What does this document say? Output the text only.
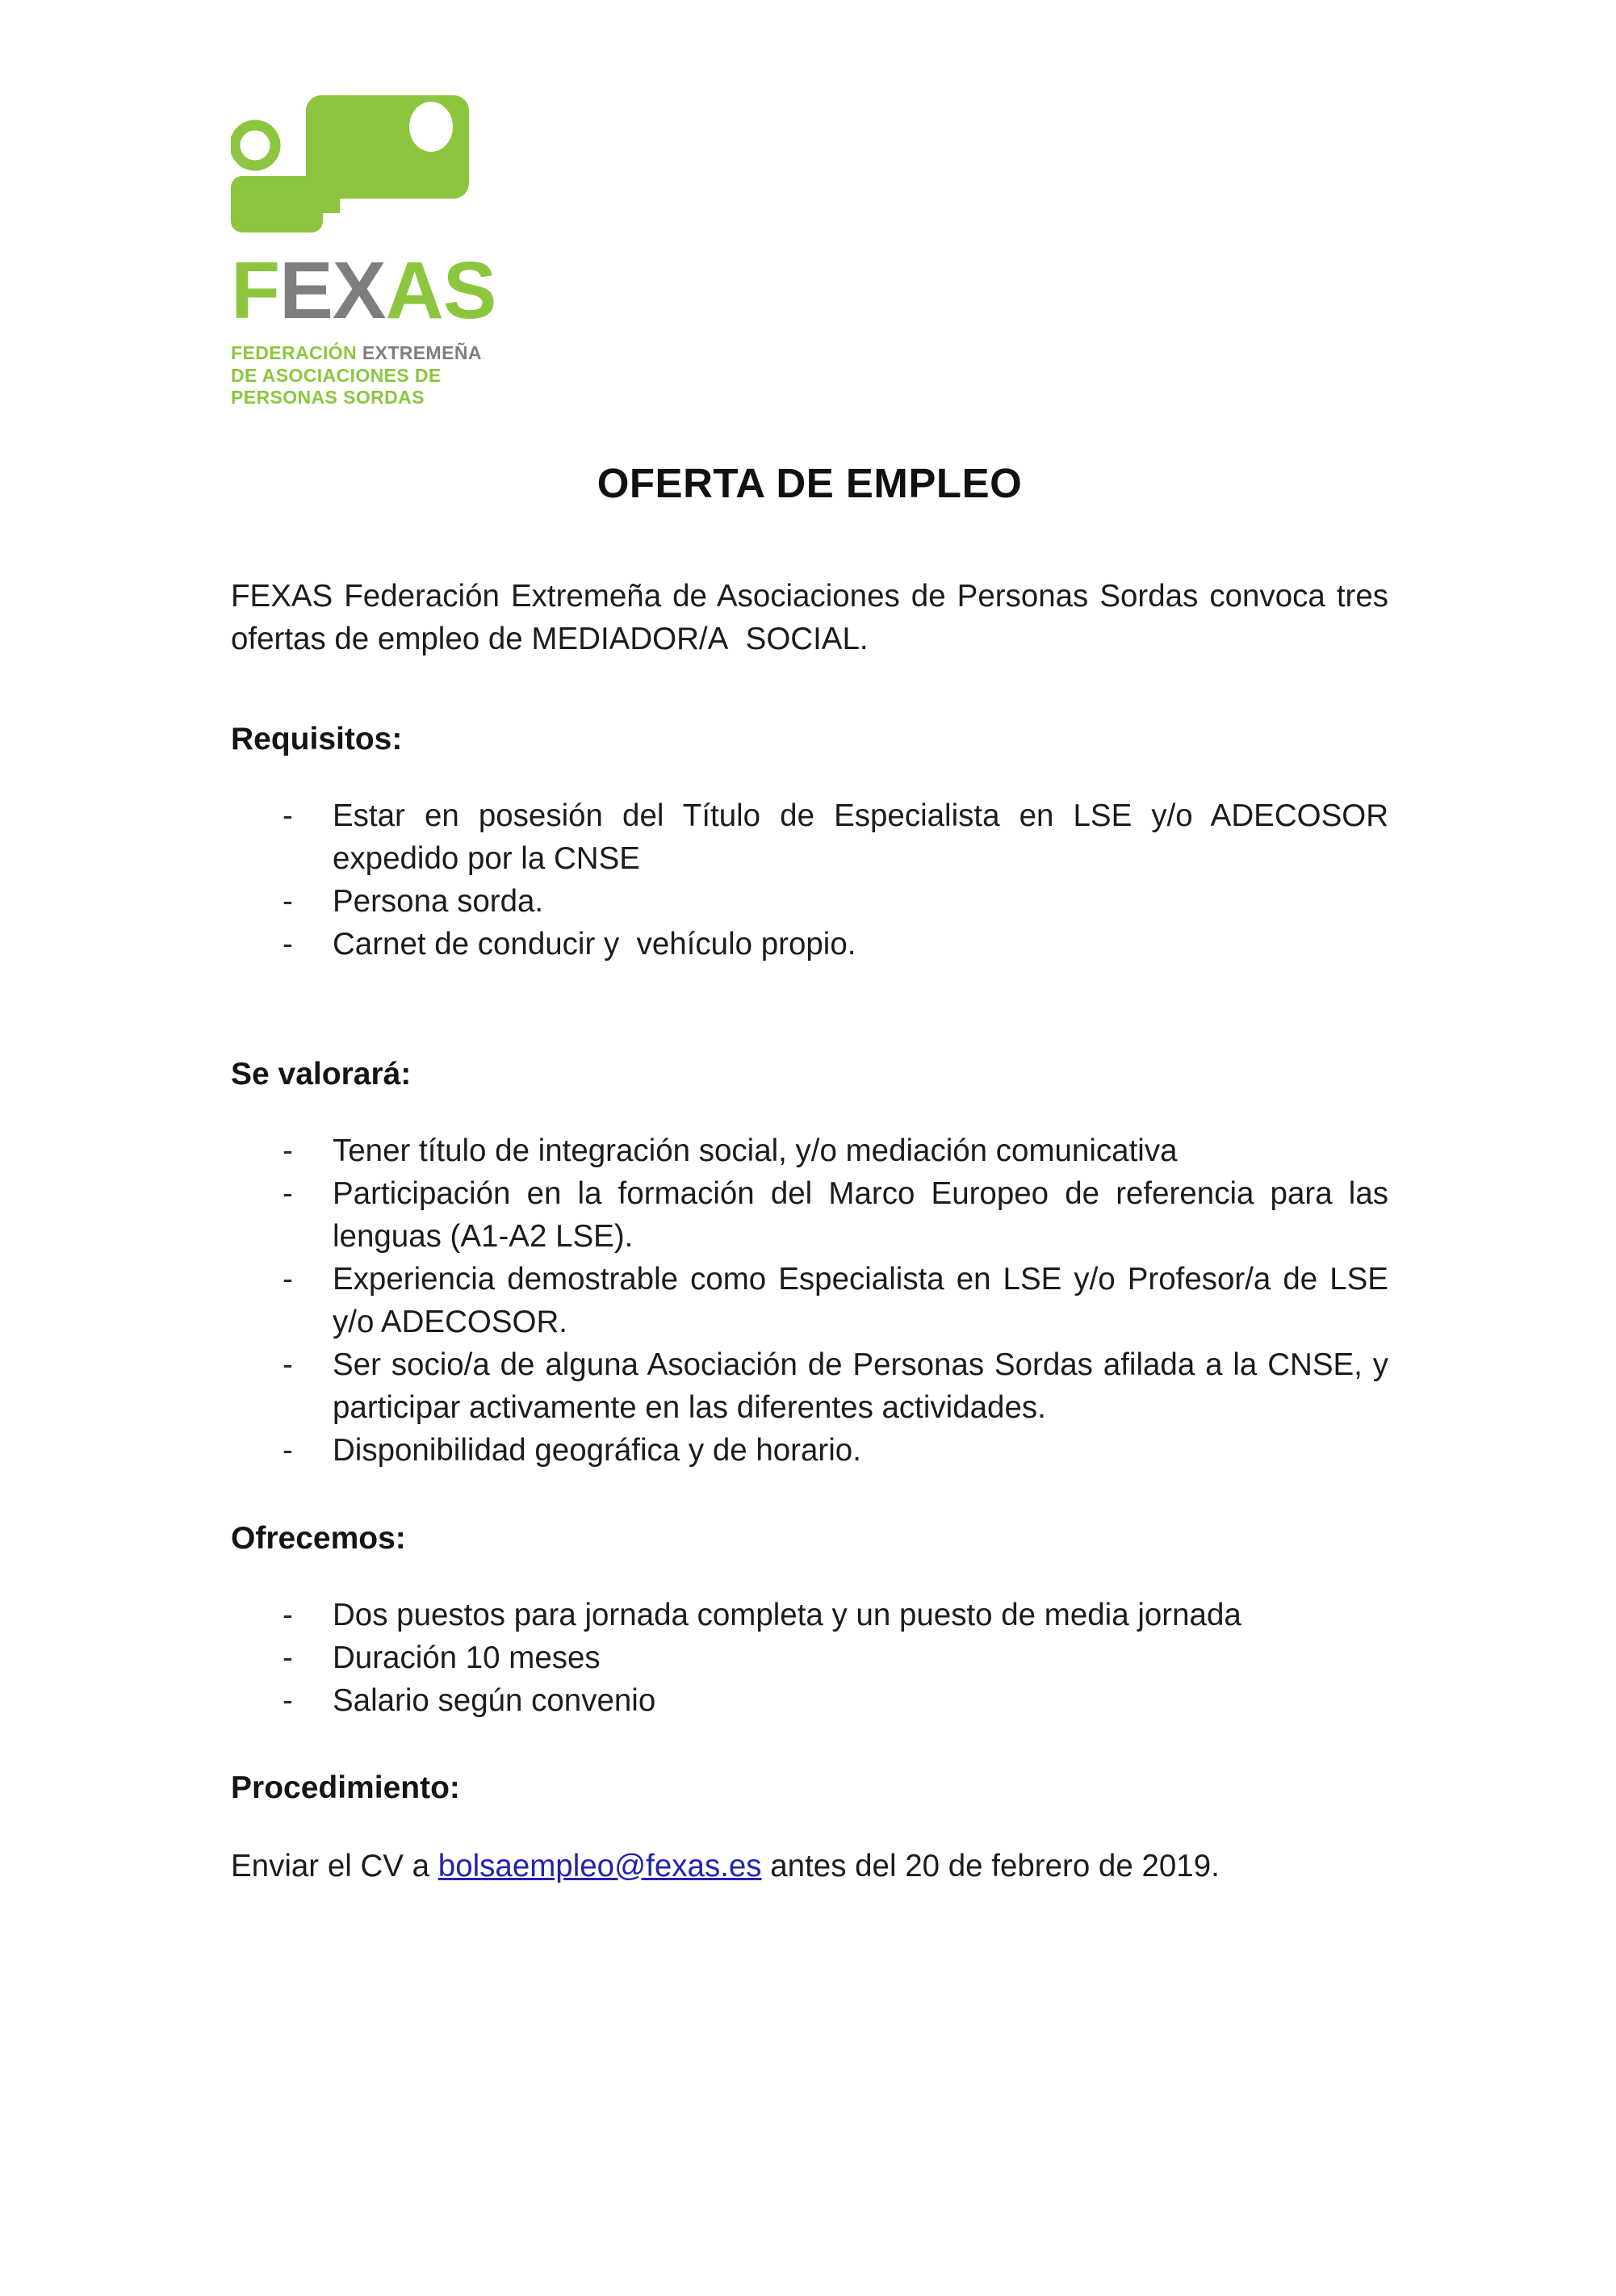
FEXAS
FEDERACIÓN EXTREMEÑA
DE ASOCIACIONES DE
PERSONAS SORDAS
OFERTA DE EMPLEO

FEXAS Federación Extremeña de Asociaciones de Personas Sordas convoca tres ofertas de empleo de MEDIADOR/A  SOCIAL.

Requisitos:
-	Estar en posesión del Título de Especialista en LSE y/o ADECOSOR expedido por la CNSE
-	Persona sorda.
-	Carnet de conducir y  vehículo propio.
Se valorará:
-	Tener título de integración social, y/o mediación comunicativa
-	Participación en la formación del Marco Europeo de referencia para las lenguas (A1-A2 LSE).
-	Experiencia demostrable como Especialista en LSE y/o Profesor/a de LSE y/o ADECOSOR.
-	Ser socio/a de alguna Asociación de Personas Sordas afilada a la CNSE, y participar activamente en las diferentes actividades.
-	Disponibilidad geográfica y de horario.
Ofrecemos:
-	Dos puestos para jornada completa y un puesto de media jornada
-	Duración 10 meses
-	Salario según convenio
Procedimiento:

Enviar el CV a bolsaempleo@fexas.es antes del 20 de febrero de 2019.
